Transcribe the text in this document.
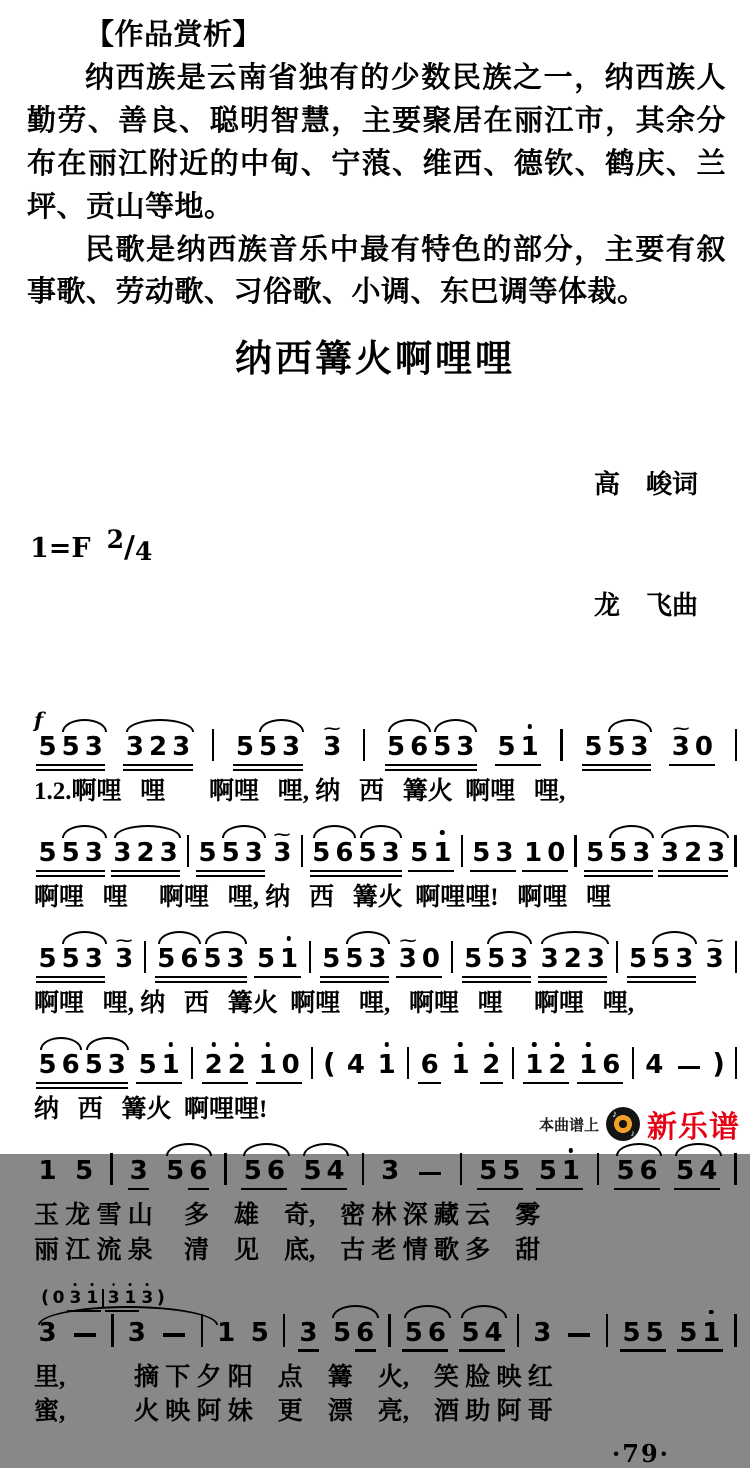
【作品赏析】

纳西族是云南省独有的少数民族之一，纳西族人勤劳、善良、聪明智慧，主要聚居在丽江市，其余分布在丽江附近的中甸、宁蒗、维西、德钦、鹤庆、兰坪、贡山等地。

民歌是纳西族音乐中最有特色的部分，主要有叙事歌、劳动歌、习俗歌、小调、东巴调等体裁。

纳西篝火啊哩哩
1=F 2∕4

高　峻词

龙　飞曲

f
5 5 3 3 2 3 5 5 3 3
~
5 6 5 3 5 1 5 5 3 3
~
0
1.2.啊哩   哩       啊哩   哩, 纳   西   篝火  啊哩   哩,
5 5 3 3 2 3 5 5 3 3
~
5 6 5 3 5 1 5 3 1 0 5 5 3 3 2 3
啊哩   哩     啊哩   哩, 纳   西   篝火  啊哩哩!   啊哩   哩
5 5 3 3
~
5 6 5 3 5 1 5 5 3 3
~
0 5 5 3 3 2 3 5 5 3 3
~
啊哩   哩, 纳   西   篝火  啊哩   哩,   啊哩   哩     啊哩   哩,
5 6 5 3 5 1 2 2 1 0 ( 4 1 6 1 2 1 2 1 6 4 )
纳   西   篝火  啊哩哩!
1 5 3 5 6 5 6 5 4 3	5 5 5 1 5 6 5 4
玉 龙 雪 山     多    雄    奇,    密 林 深 藏 云    雾
丽 江 流 泉     清    见    底,    古 老 情 歌 多    甜
( 0 3 1 3 1 3 )
3	3	1 5 3 5 6 5 6 5 4 3	5 5 5 1
里,           摘 下 夕 阳    点    篝    火,    笑 脸 映 红
蜜,           火 映 阿 妹    更    漂    亮,    酒 助 阿 哥
·79·
本曲谱上
♪
♪ 新乐谱
